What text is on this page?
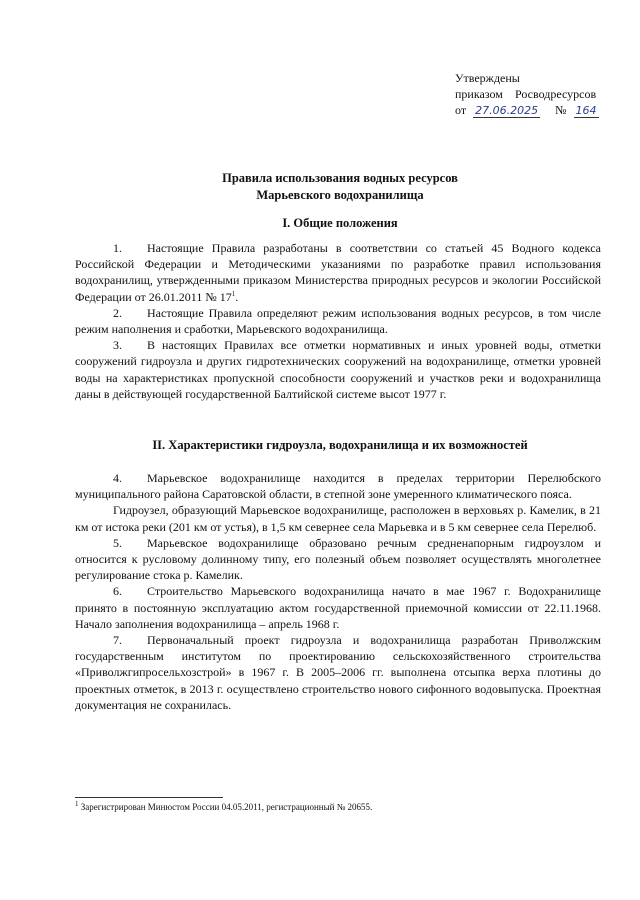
Утверждены
приказом Росводресурсов
от 27.06.2025 № 164
Правила использования водных ресурсов
Марьевского водохранилища
I. Общие положения

1. Настоящие Правила разработаны в соответствии со статьей 45 Водного кодекса Российской Федерации и Методическими указаниями по разработке правил использования водохранилищ, утвержденными приказом Министерства природных ресурсов и экологии Российской Федерации от 26.01.2011 № $17^1$.

2. Настоящие Правила определяют режим использования водных ресурсов, в том числе режим наполнения и сработки, Марьевского водохранилища.

3. В настоящих Правилах все отметки нормативных и иных уровней воды, отметки сооружений гидроузла и других гидротехнических сооружений на водохранилище, отметки уровней воды на характеристиках пропускной способности сооружений и участков реки и водохранилища даны в действующей государственной Балтийской системе высот 1977 г.

II. Характеристики гидроузла, водохранилища и их возможностей

4. Марьевское водохранилище находится в пределах территории Перелюбского муниципального района Саратовской области, в степной зоне умеренного климатического пояса.

Гидроузел, образующий Марьевское водохранилище, расположен в верховьях р. Камелик, в 21 км от истока реки (201 км от устья), в 1,5 км севернее села Марьевка и в 5 км севернее села Перелюб.

5. Марьевское водохранилище образовано речным средненапорным гидроузлом и относится к русловому долинному типу, его полезный объем позволяет осуществлять многолетнее регулирование стока р. Камелик.

6. Строительство Марьевского водохранилища начато в мае 1967 г. Водохранилище принято в постоянную эксплуатацию актом государственной приемочной комиссии от 22.11.1968. Начало заполнения водохранилища – апрель 1968 г.

7. Первоначальный проект гидроузла и водохранилища разработан Приволжским государственным институтом по проектированию сельскохозяйственного строительства «Приволжгипросельхозстрой» в 1967 г. В 2005–2006 гг. выполнена отсыпка верха плотины до проектных отметок, в 2013 г. осуществлено строительство нового сифонного водовыпуска. Проектная документация не сохранилась.

$^1$ Зарегистрирован Минюстом России 04.05.2011, регистрационный № 20655.
